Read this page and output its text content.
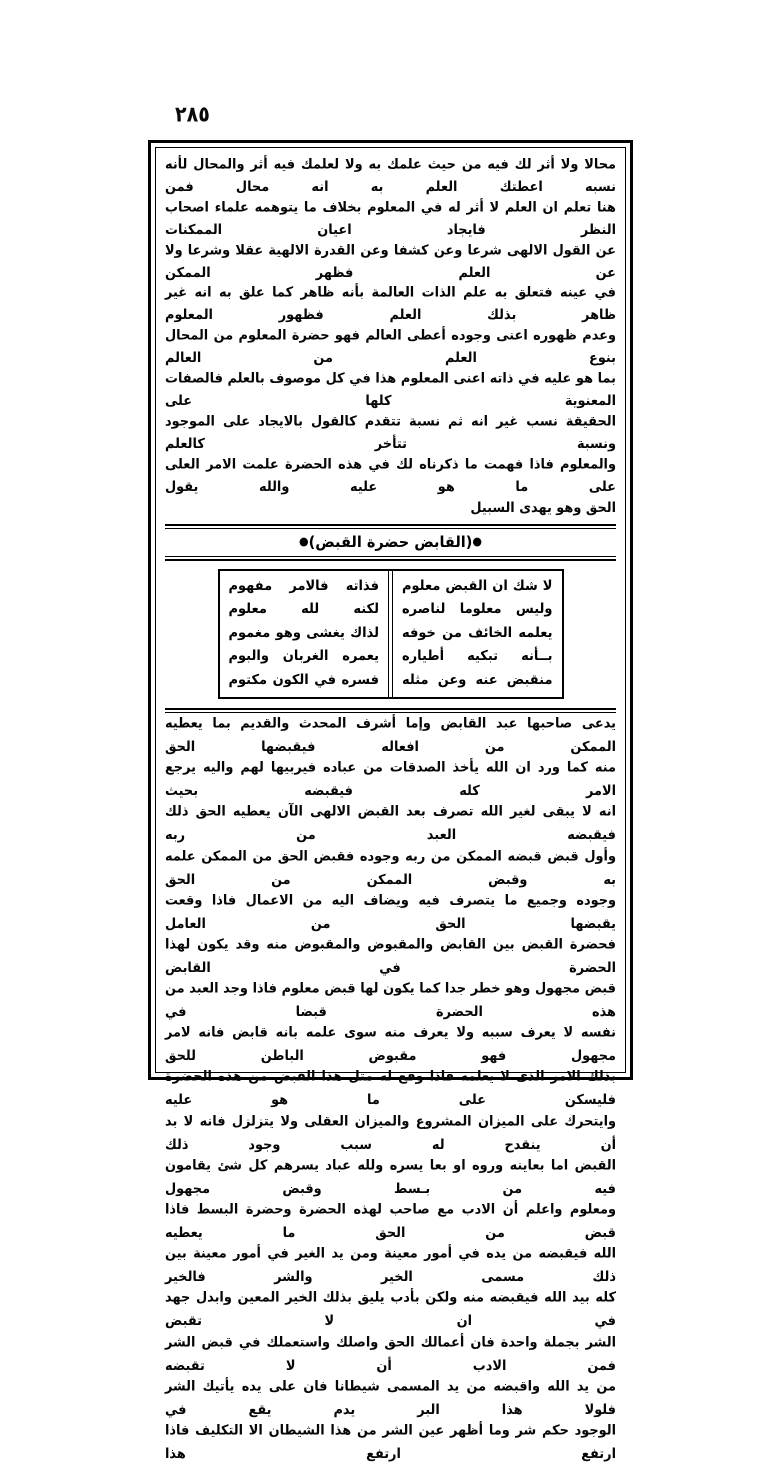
٢٨٥
محالا ولا أثر لك فيه من حيث علمك به ولا لعلمك فيه أثر والمحال لأنه نسبه اعطتك العلم به انه محال فمن
هنا تعلم ان العلم لا أثر له في المعلوم بخلاف ما يتوهمه علماء اصحاب النظر فايجاد اعيان الممكنات
عن القول الالهى شرعا وعن كشفا وعن القدرة الالهية عقلا وشرعا ولا عن العلم فظهر الممكن
في عينه فتعلق به علم الذات العالمة بأنه ظاهر كما علق به انه غير ظاهر بذلك العلم فظهور المعلوم
وعدم ظهوره اعنى وجوده أعطى العالم فهو حضرة المعلوم من المحال بنوع العلم من العالم
بما هو عليه في ذاته اعنى المعلوم هذا في كل موصوف بالعلم فالصفات المعنوية كلها على
الحقيقة نسب غير انه ثم نسبة تتقدم كالقول بالايجاد على الموجود ونسبة تتأخر كالعلم
والمعلوم فاذا فهمت ما ذكرناه لك في هذه الحضرة علمت الامر العلى على ما هو عليه والله يقول
الحق وهو يهدى السبيل
●(القابض حضرة القبض)●
لا شك ان القبض معلوم
وليس معلوما لناصره
يعلمه الخائف من خوفه
بــأنه تبكيه أطياره
منقبض عنه وعن مثله
فذاته فالامر مفهوم
لكنه لله معلوم
لذاك يغشى وهو مغموم
يعمره الغربان والبوم
فسره في الكون مكتوم
يدعى صاحبها عبد القابض وإما أشرف المحدث والقديم بما يعطيه الممكن من افعاله فيقبضها الحق
منه كما ورد ان الله يأخذ الصدقات من عباده فيربيها لهم واليه يرجع الامر كله فيقبضه بحيث
انه لا يبقى لغير الله تصرف بعد القبض الالهى الآن يعطيه الحق ذلك فيقبضه العبد من ربه
وأول قبض قبضه الممكن من ربه وجوده فقبض الحق من الممكن علمه به وقبض الممكن من الحق
وجوده وجميع ما يتصرف فيه ويضاف اليه من الاعمال فاذا وقعت يقبضها الحق من العامل
فحضرة القبض بين القابض والمقبوض والمقبوض منه وقد يكون لهذا الحضرة في القابض
قبض مجهول وهو خطر جدا كما يكون لها قبض معلوم فاذا وجد العبد من هذه الحضرة قبضا في
نفسه لا يعرف سببه ولا يعرف منه سوى علمه بانه قابض فانه لامر مجهول فهو مقبوض الباطن للحق
بذلك الامر الذى لا يعلمه فاذا وقع له مثل هذا القبض من هذه الحضرة فليسكن على ما هو عليه
وايتحرك على الميزان المشروع والميزان العقلى ولا يتزلزل فانه لا بد أن ينقدح له سبب وجود ذلك
القبض اما بعاينه وروه او بعا يسره ولله عباد يسرهم كل شئ يقامون فيه من بـسط وقبض مجهول
ومعلوم واعلم أن الادب مع صاحب لهذه الحضرة وحضرة البسط فاذا قبض من الحق ما يعطيه
الله فيقبضه من يده في أمور معينة ومن يد الغير في أمور معينة بين ذلك مسمى الخير والشر فالخير
كله بيد الله فيقبضه منه ولكن بأدب يليق بذلك الخير المعين وابدل جهد في ان لا تقبض
الشر بجملة واحدة فان أعمالك الحق واصلك واستعملك في قبض الشر فمن الادب أن لا تقبضه
من يد الله واقبضه من يد المسمى شيطانا فان على يده يأتيك الشر فلولا هذا البر يدم يقع في
الوجود حكم شر وما أظهر عين الشر من هذا الشيطان الا التكليف فاذا ارتفع ارتفع هذا
